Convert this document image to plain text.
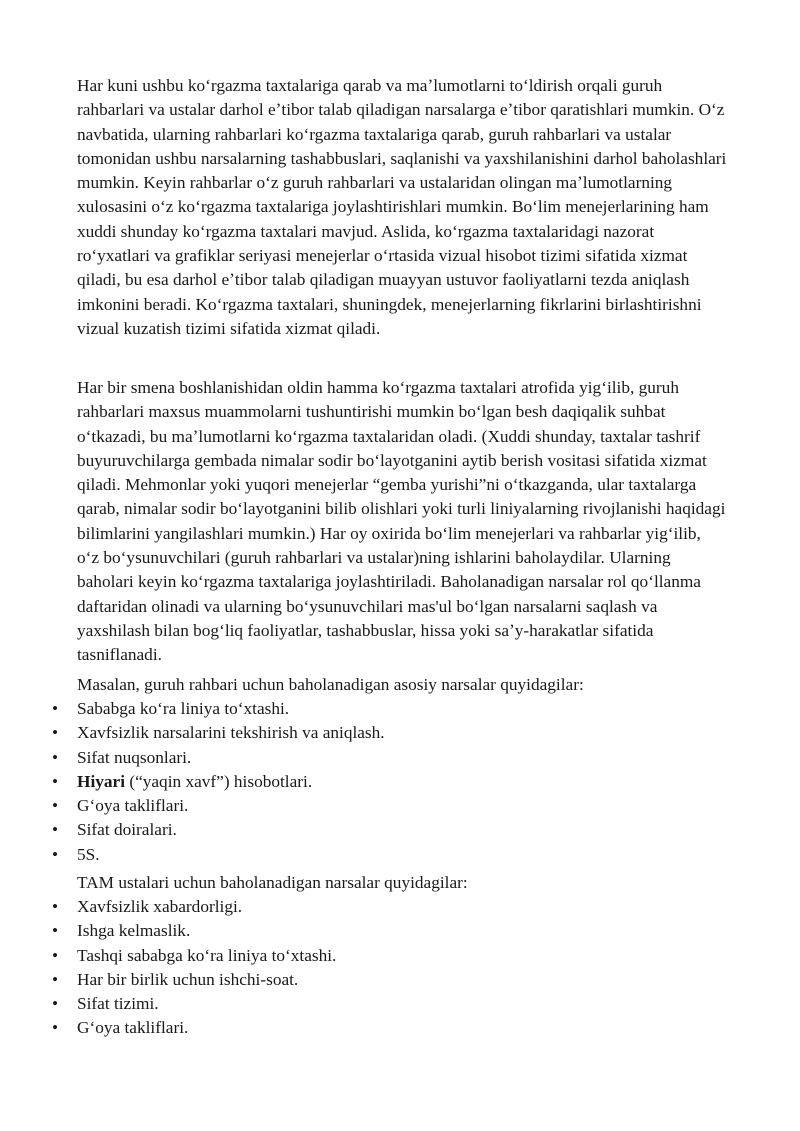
Har kuni ushbu koʻrgazma taxtalariga qarab va maʼlumotlarni toʻldirish orqali guruh rahbarlari va ustalar darhol eʼtibor talab qiladigan narsalarga eʼtibor qaratishlari mumkin. Oʻz navbatida, ularning rahbarlari koʻrgazma taxtalariga qarab, guruh rahbarlari va ustalar tomonidan ushbu narsalarning tashabbuslari, saqlanishi va yaxshilanishini darhol baholashlari mumkin. Keyin rahbarlar oʻz guruh rahbarlari va ustalaridan olingan maʼlumotlarning xulosasini oʻz koʻrgazma taxtalariga joylashtirishlari mumkin. Boʻlim menejerlarining ham xuddi shunday koʻrgazma taxtalari mavjud. Aslida, koʻrgazma taxtalaridagi nazorat roʻyxatlari va grafiklar seriyasi menejerlar oʻrtasida vizual hisobot tizimi sifatida xizmat qiladi, bu esa darhol eʼtibor talab qiladigan muayyan ustuvor faoliyatlarni tezda aniqlash imkonini beradi. Koʻrgazma taxtalari, shuningdek, menejerlarning fikrlarini birlashtirishni vizual kuzatish tizimi sifatida xizmat qiladi.

Har bir smena boshlanishidan oldin hamma koʻrgazma taxtalari atrofida yigʻilib, guruh rahbarlari maxsus muammolarni tushuntirishi mumkin boʻlgan besh daqiqalik suhbat oʻtkazadi, bu maʼlumotlarni koʻrgazma taxtalaridan oladi. (Xuddi shunday, taxtalar tashrif buyuruvchilarga gembada nimalar sodir boʻlayotganini aytib berish vositasi sifatida xizmat qiladi. Mehmonlar yoki yuqori menejerlar “gemba yurishi”ni oʻtkazganda, ular taxtalarga qarab, nimalar sodir boʻlayotganini bilib olishlari yoki turli liniyalarning rivojlanishi haqidagi bilimlarini yangilashlari mumkin.) Har oy oxirida boʻlim menejerlari va rahbarlar yigʻilib, oʻz boʻysunuvchilari (guruh rahbarlari va ustalar)ning ishlarini baholaydilar. Ularning baholari keyin koʻrgazma taxtalariga joylashtiriladi. Baholanadigan narsalar rol qoʻllanma daftaridan olinadi va ularning boʻysunuvchilari mas'ul boʻlgan narsalarni saqlash va yaxshilash bilan bogʻliq faoliyatlar, tashabbuslar, hissa yoki saʼy-harakatlar sifatida tasniflanadi.

Masalan, guruh rahbari uchun baholanadigan asosiy narsalar quyidagilar:

• Sababga koʻra liniya toʻxtashi.
• Xavfsizlik narsalarini tekshirish va aniqlash.
• Sifat nuqsonlari.
• Hiyari (“yaqin xavf”) hisobotlari.
• Gʻoya takliflari.
• Sifat doiralari.
• 5S.

TAM ustalari uchun baholanadigan narsalar quyidagilar:

• Xavfsizlik xabardorligi.
• Ishga kelmaslik.
• Tashqi sababga koʻra liniya toʻxtashi.
• Har bir birlik uchun ishchi-soat.
• Sifat tizimi.
• Gʻoya takliflari.
